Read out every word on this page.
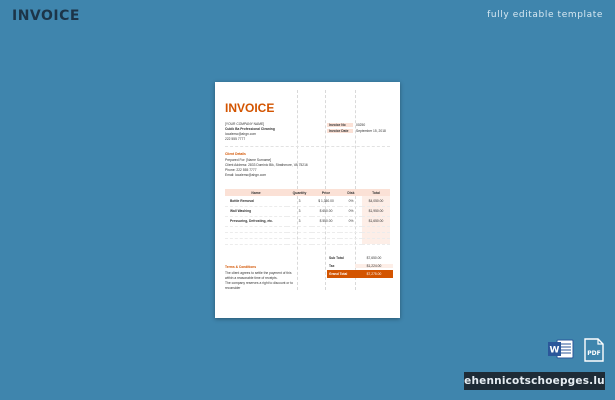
INVOICE	fully editable template
INVOICE
[YOUR COMPANY NAME]
Cubik Ba Professional Cleaning
localemo@ahgn.com
222 555 7777
Invoice No	00250
Invoice Date	September 15, 2018
Client Details
Prepared For: [Name Surname]
Client Address: 2833 Dominic Blk, Strathmore, VA 75216
Phone: 222 555 7777
Email: localemo@ahgn.com
Name	Quantity	Price	Disk	Total
Bottle Removal	3	$ 1,350.00	0%	$4,050.00
Wall Washing	3	$ 650.00	0%	$1,950.00
Pressuring, Defrosting, etc.	3	$ 550.00	0%	$1,650.00

Sub Total	$7,650.00
Tax	$1,224.00
Grand Total	$7,275.00
Terms & Conditions
The client agrees to settle the payment of this
within a reasonable time of receipts.
The company reserves a right to discount or to
reconsider
W	PDF
ehennicotschoepges.lu
